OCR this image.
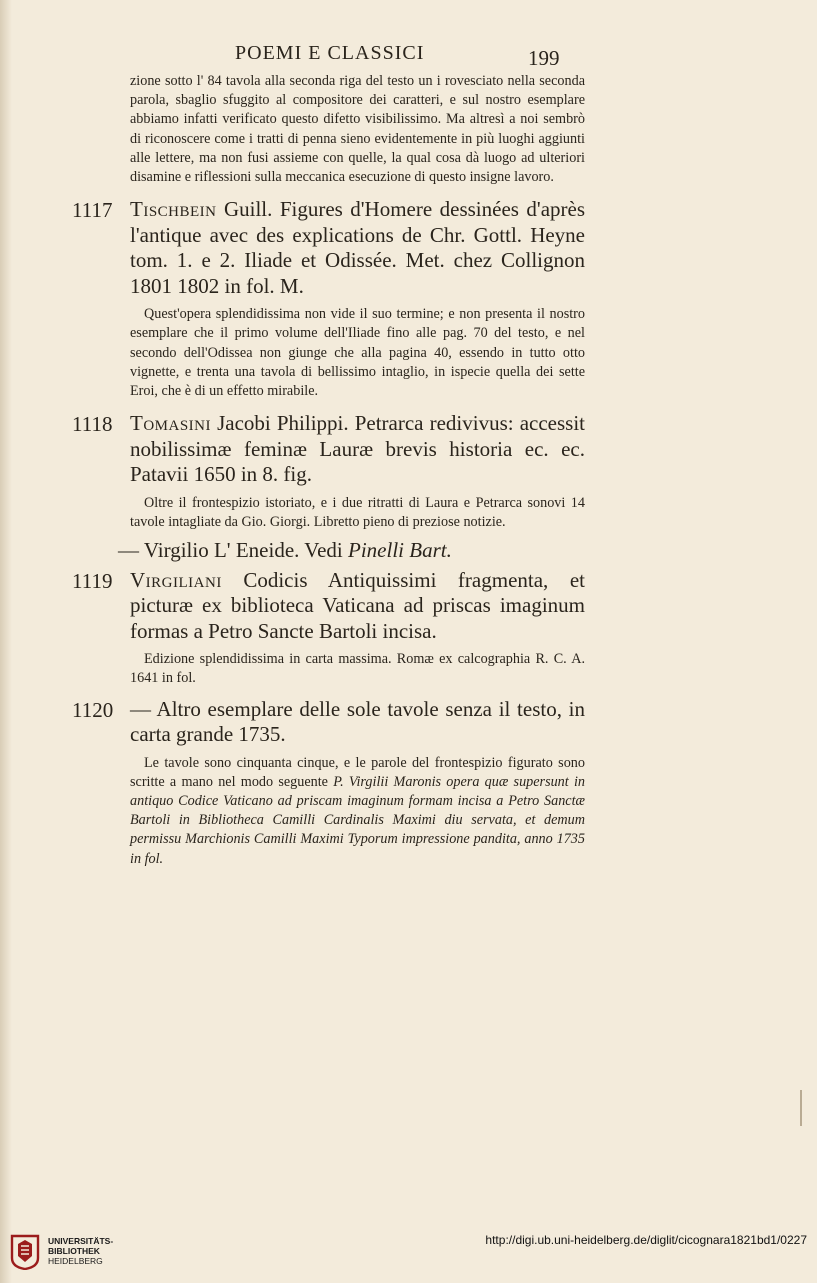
POEMI E CLASSICI	199

zione sotto l' 84 tavola alla seconda riga del testo un i rovesciato nella seconda parola, sbaglio sfuggito al compositore dei caratteri, e sul nostro esemplare abbiamo infatti verificato questo difetto visibilissimo. Ma altresì a noi sembrò di riconoscere come i tratti di penna sieno evidentemente in più luoghi aggiunti alle lettere, ma non fusi assieme con quelle, la qual cosa dà luogo ad ulteriori disamine e riflessioni sulla meccanica esecuzione di questo insigne lavoro.

1117 Tischbein Guill. Figures d'Homere dessinées d'après l'antique avec des explications de Chr. Gottl. Heyne tom. 1. e 2. Iliade et Odissée. Met. chez Collignon 1801 1802 in fol. M.

Quest'opera splendidissima non vide il suo termine; e non presenta il nostro esemplare che il primo volume dell'Iliade fino alle pag. 70 del testo, e nel secondo dell'Odissea non giunge che alla pagina 40, essendo in tutto otto vignette, e trenta una tavola di bellissimo intaglio, in ispecie quella dei sette Eroi, che è di un effetto mirabile.

1118 Tomasini Jacobi Philippi. Petrarca redivivus: accessit nobilissimæ feminæ Lauræ brevis historia ec. ec. Patavii 1650 in 8. fig.

Oltre il frontespizio istoriato, e i due ritratti di Laura e Petrarca sonovi 14 tavole intagliate da Gio. Giorgi. Libretto pieno di preziose notizie.

— Virgilio L' Eneide. Vedi Pinelli Bart.
1119 Virgiliani Codicis Antiquissimi fragmenta, et picturæ ex biblioteca Vaticana ad priscas imaginum formas a Petro Sancte Bartoli incisa.

Edizione splendidissima in carta massima. Romæ ex calcographia R. C. A. 1641 in fol.

1120 — Altro esemplare delle sole tavole senza il testo, in carta grande 1735.

Le tavole sono cinquanta cinque, e le parole del frontespizio figurato sono scritte a mano nel modo seguente P. Virgilii Maronis opera quæ supersunt in antiquo Codice Vaticano ad priscam imaginum formam incisa a Petro Sanctæ Bartoli in Bibliotheca Camilli Cardinalis Maximi diu servata, et demum permissu Marchionis Camilli Maximi Typorum impressione pandita, anno 1735 in fol.

UNIVERSITÄTS-
BIBLIOTHEK
HEIDELBERG
http://digi.ub.uni-heidelberg.de/diglit/cicognara1821bd1/0227
